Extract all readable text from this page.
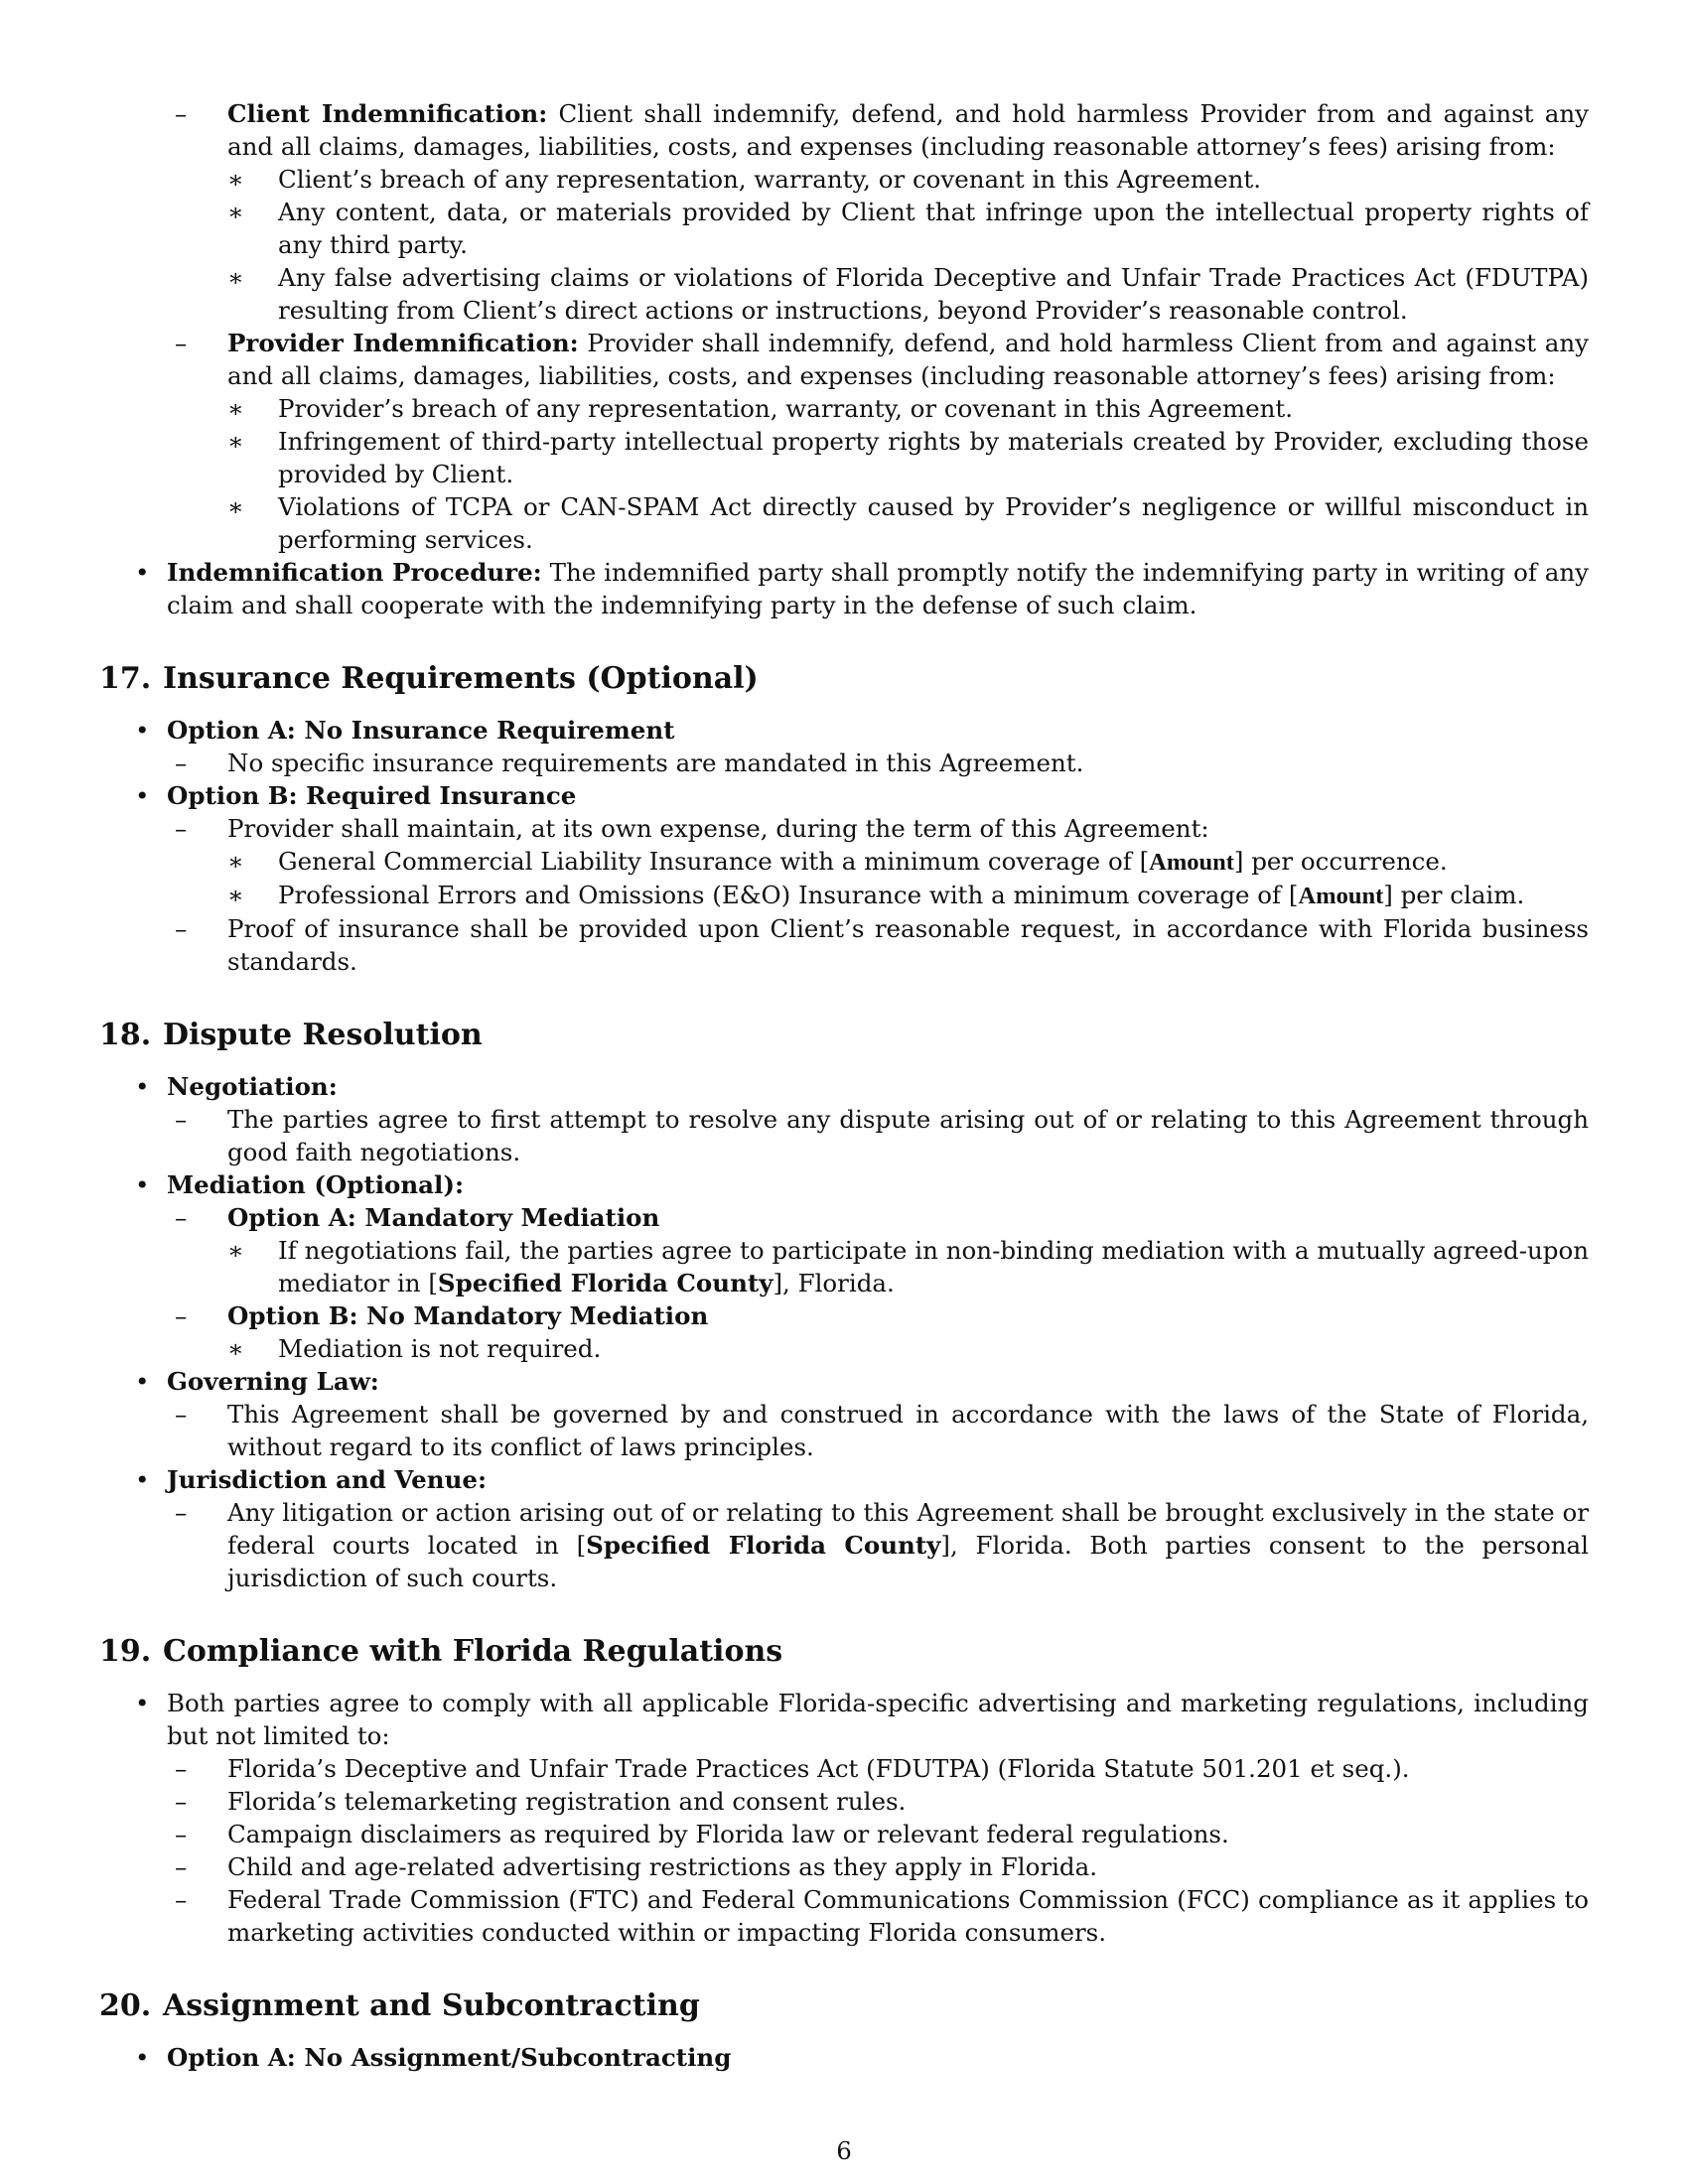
– Client Indemnification: Client shall indemnify, defend, and hold harmless Provider from and against any and all claims, damages, liabilities, costs, and expenses (including reasonable attorney’s fees) arising from:
∗ Client’s breach of any representation, warranty, or covenant in this Agreement.
∗ Any content, data, or materials provided by Client that infringe upon the intellectual property rights of any third party.
∗ Any false advertising claims or violations of Florida Deceptive and Unfair Trade Practices Act (FDUTPA) resulting from Client’s direct actions or instructions, beyond Provider’s reasonable control.
– Provider Indemnification: Provider shall indemnify, defend, and hold harmless Client from and against any and all claims, damages, liabilities, costs, and expenses (including reasonable attorney’s fees) arising from:
∗ Provider’s breach of any representation, warranty, or covenant in this Agreement.
∗ Infringement of third-party intellectual property rights by materials created by Provider, excluding those provided by Client.
∗ Violations of TCPA or CAN-SPAM Act directly caused by Provider’s negligence or willful misconduct in performing services.
• Indemnification Procedure: The indemnified party shall promptly notify the indemnifying party in writing of any claim and shall cooperate with the indemnifying party in the defense of such claim.
17. Insurance Requirements (Optional)
• Option A: No Insurance Requirement
– No specific insurance requirements are mandated in this Agreement.
• Option B: Required Insurance
– Provider shall maintain, at its own expense, during the term of this Agreement:
∗ General Commercial Liability Insurance with a minimum coverage of [Amount] per occurrence.
∗ Professional Errors and Omissions (E&O) Insurance with a minimum coverage of [Amount] per claim.
– Proof of insurance shall be provided upon Client’s reasonable request, in accordance with Florida business standards.
18. Dispute Resolution
• Negotiation:
– The parties agree to first attempt to resolve any dispute arising out of or relating to this Agreement through good faith negotiations.
• Mediation (Optional):
– Option A: Mandatory Mediation
∗ If negotiations fail, the parties agree to participate in non-binding mediation with a mutually agreed-upon mediator in [Specified Florida County], Florida.
– Option B: No Mandatory Mediation
∗ Mediation is not required.
• Governing Law:
– This Agreement shall be governed by and construed in accordance with the laws of the State of Florida, without regard to its conflict of laws principles.
• Jurisdiction and Venue:
– Any litigation or action arising out of or relating to this Agreement shall be brought exclusively in the state or federal courts located in [Specified Florida County], Florida. Both parties consent to the personal jurisdiction of such courts.
19. Compliance with Florida Regulations
• Both parties agree to comply with all applicable Florida-specific advertising and marketing regulations, including but not limited to:
– Florida’s Deceptive and Unfair Trade Practices Act (FDUTPA) (Florida Statute 501.201 et seq.).
– Florida’s telemarketing registration and consent rules.
– Campaign disclaimers as required by Florida law or relevant federal regulations.
– Child and age-related advertising restrictions as they apply in Florida.
– Federal Trade Commission (FTC) and Federal Communications Commission (FCC) compliance as it applies to marketing activities conducted within or impacting Florida consumers.
20. Assignment and Subcontracting
• Option A: No Assignment/Subcontracting
6
